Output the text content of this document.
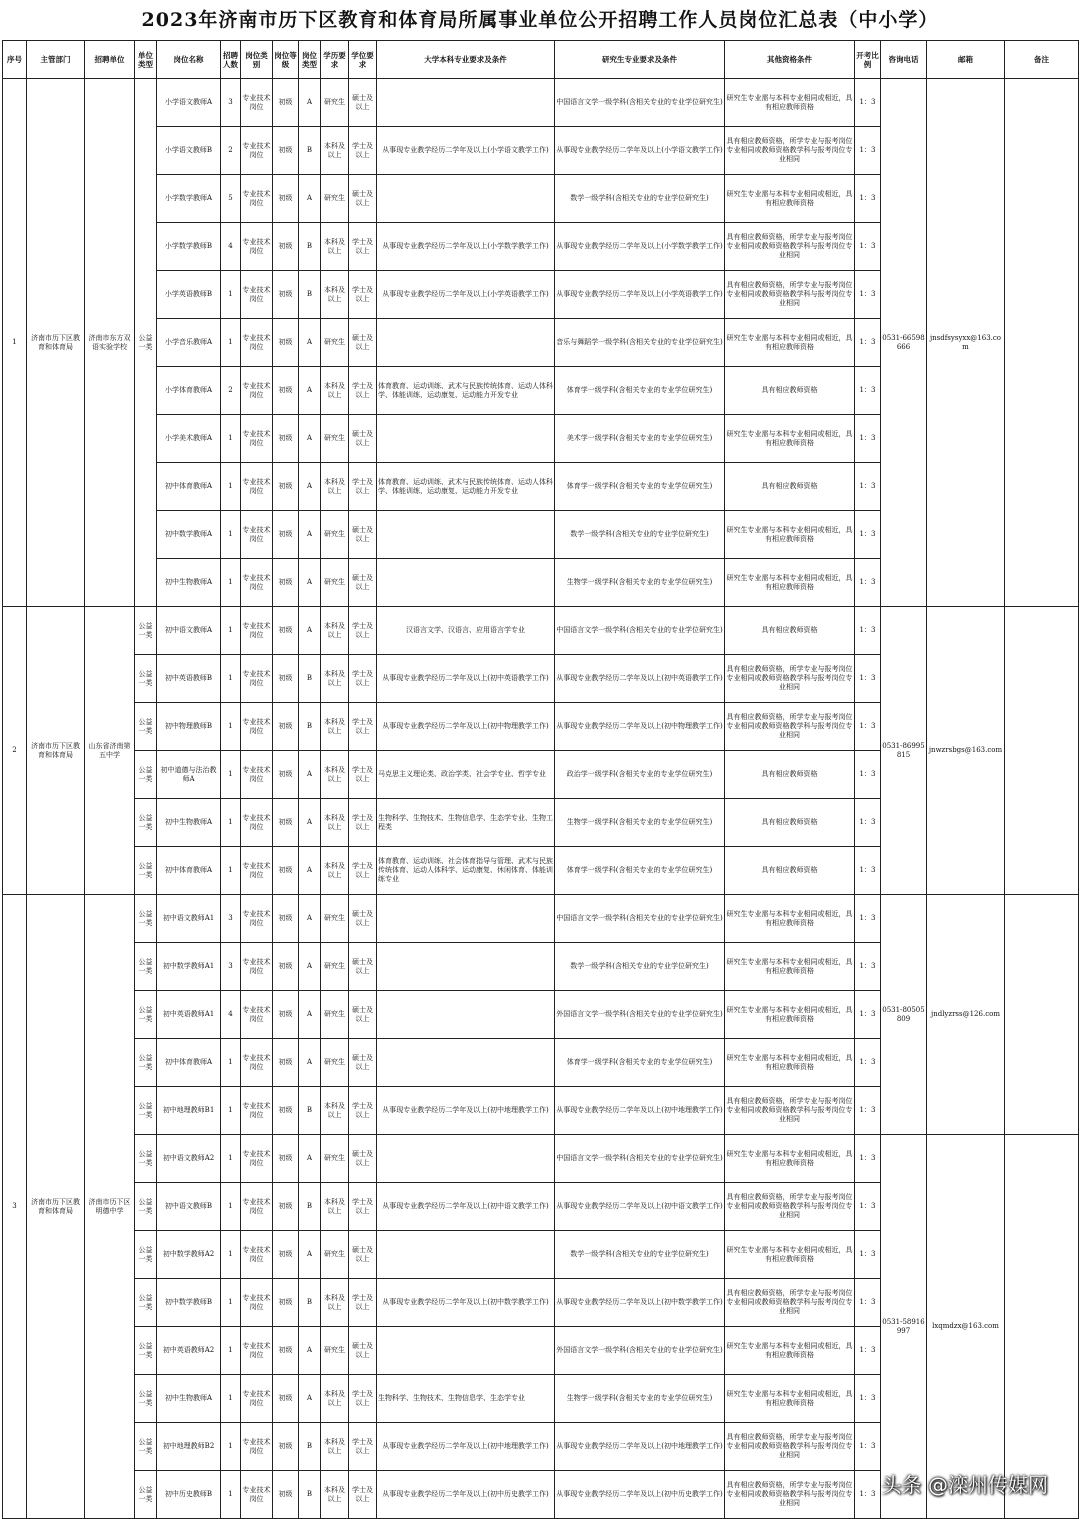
2023年济南市历下区教育和体育局所属事业单位公开招聘工作人员岗位汇总表（中小学）
序号	主管部门	招聘单位	单位类型	岗位名称	招聘人数	岗位类别	岗位等级	岗位类型	学历要求	学位要求	大学本科专业要求及条件	研究生专业要求及条件	其他资格条件	开考比例	咨询电话	邮箱	备注
1	济南市历下区教育和体育局	济南市东方双语实验学校	公益一类	小学语文教师A	3	专业技术岗位	初级	A	研究生	硕士及以上		中国语言文学一级学科(含相关专业的专业学位研究生)	研究生专业需与本科专业相同或相近，具有相应教师资格	1：3	0531-66598666	jnsdfsysyxx@163.com	
				小学语文教师B	2	专业技术岗位	初级	B	本科及以上	学士及以上	从事现专业教学经历二学年及以上(小学语文教学工作)	从事现专业教学经历二学年及以上(小学语文教学工作)	具有相应教师资格，所学专业与报考岗位专业相同或教师资格教学科与报考岗位专业相同	1：3			
				小学数学教师A	5	专业技术岗位	初级	A	研究生	硕士及以上		数学一级学科(含相关专业的专业学位研究生)	研究生专业需与本科专业相同或相近，具有相应教师资格	1：3			
				小学数学教师B	4	专业技术岗位	初级	B	本科及以上	学士及以上	从事现专业教学经历二学年及以上(小学数学教学工作)	从事现专业教学经历二学年及以上(小学数学教学工作)	具有相应教师资格，所学专业与报考岗位专业相同或教师资格教学科与报考岗位专业相同	1：3			
				小学英语教师B	1	专业技术岗位	初级	B	本科及以上	学士及以上	从事现专业教学经历二学年及以上(小学英语教学工作)	从事现专业教学经历二学年及以上(小学英语教学工作)	具有相应教师资格，所学专业与报考岗位专业相同或教师资格教学科与报考岗位专业相同	1：3			
				小学音乐教师A	1	专业技术岗位	初级	A	研究生	硕士及以上		音乐与舞蹈学一级学科(含相关专业的专业学位研究生)	研究生专业需与本科专业相同或相近，具有相应教师资格	1：3			
				小学体育教师A	2	专业技术岗位	初级	A	本科及以上	学士及以上	体育教育、运动训练、武术与民族传统体育、运动人体科学、体能训练、运动康复、运动能力开发专业	体育学一级学科(含相关专业的专业学位研究生)	具有相应教师资格	1：3			
				小学美术教师A	1	专业技术岗位	初级	A	研究生	硕士及以上		美术学一级学科(含相关专业的专业学位研究生)	研究生专业需与本科专业相同或相近，具有相应教师资格	1：3			
				初中体育教师A	1	专业技术岗位	初级	A	本科及以上	学士及以上	体育教育、运动训练、武术与民族传统体育、运动人体科学、体能训练、运动康复、运动能力开发专业	体育学一级学科(含相关专业的专业学位研究生)	具有相应教师资格	1：3			
				初中数学教师A	1	专业技术岗位	初级	A	研究生	硕士及以上		数学一级学科(含相关专业的专业学位研究生)	研究生专业需与本科专业相同或相近，具有相应教师资格	1：3			
				初中生物教师A	1	专业技术岗位	初级	A	研究生	硕士及以上		生物学一级学科(含相关专业的专业学位研究生)	研究生专业需与本科专业相同或相近，具有相应教师资格	1：3			
2	济南市历下区教育和体育局	山东省济南第五中学	公益一类	初中语文教师A	1	专业技术岗位	初级	A	本科及以上	学士及以上	汉语言文学、汉语言、应用语言学专业	中国语言文学一级学科(含相关专业的专业学位研究生)	具有相应教师资格	1：3	0531-86995815	jnwzrsbgs@163.com	
			公益一类	初中英语教师B	1	专业技术岗位	初级	B	本科及以上	学士及以上	从事现专业教学经历二学年及以上(初中英语教学工作)	从事现专业教学经历二学年及以上(初中英语教学工作)	具有相应教师资格，所学专业与报考岗位专业相同或教师资格教学科与报考岗位专业相同	1：3			
			公益一类	初中物理教师B	1	专业技术岗位	初级	B	本科及以上	学士及以上	从事现专业教学经历二学年及以上(初中物理教学工作)	从事现专业教学经历二学年及以上(初中物理教学工作)	具有相应教师资格，所学专业与报考岗位专业相同或教师资格教学科与报考岗位专业相同	1：3			
			公益一类	初中道德与法治教师A	1	专业技术岗位	初级	A	本科及以上	学士及以上	马克思主义理论类、政治学类、社会学专业、哲学专业	政治学一级学科(含相关专业的专业学位研究生)	具有相应教师资格	1：3			
			公益一类	初中生物教师A	1	专业技术岗位	初级	A	本科及以上	学士及以上	生物科学、生物技术、生物信息学、生态学专业、生物工程类	生物学一级学科(含相关专业的专业学位研究生)	具有相应教师资格	1：3			
			公益一类	初中体育教师A	1	专业技术岗位	初级	A	本科及以上	学士及以上	体育教育、运动训练、社会体育指导与管理、武术与民族传统体育、运动人体科学、运动康复、休闲体育、体能训练专业	体育学一级学科(含相关专业的专业学位研究生)	具有相应教师资格	1：3			
3	济南市历下区教育和体育局	济南市历下区明德中学	公益一类	初中语文教师A1	3	专业技术岗位	初级	A	研究生	硕士及以上		中国语言文学一级学科(含相关专业的专业学位研究生)	研究生专业需与本科专业相同或相近，具有相应教师资格	1：3	0531-80505809	jndlyzrss@126.com	
			公益一类	初中数学教师A1	3	专业技术岗位	初级	A	研究生	硕士及以上		数学一级学科(含相关专业的专业学位研究生)	研究生专业需与本科专业相同或相近，具有相应教师资格	1：3			
			公益一类	初中英语教师A1	4	专业技术岗位	初级	A	研究生	硕士及以上		外国语言文学一级学科(含相关专业的专业学位研究生)	研究生专业需与本科专业相同或相近，具有相应教师资格	1：3			
			公益一类	初中体育教师A	1	专业技术岗位	初级	A	研究生	硕士及以上		体育学一级学科(含相关专业的专业学位研究生)	研究生专业需与本科专业相同或相近，具有相应教师资格	1：3			
			公益一类	初中地理教师B1	1	专业技术岗位	初级	B	本科及以上	学士及以上	从事现专业教学经历二学年及以上(初中地理教学工作)	从事现专业教学经历二学年及以上(初中地理教学工作)	具有相应教师资格，所学专业与报考岗位专业相同或教师资格教学科与报考岗位专业相同	1：3			
			公益一类	初中语文教师A2	1	专业技术岗位	初级	A	研究生	硕士及以上		中国语言文学一级学科(含相关专业的专业学位研究生)	研究生专业需与本科专业相同或相近，具有相应教师资格	1：3	0531-58916997	lxqmdzx@163.com	
			公益一类	初中语文教师B	1	专业技术岗位	初级	B	本科及以上	学士及以上	从事现专业教学经历二学年及以上(初中语文教学工作)	从事现专业教学经历二学年及以上(初中语文教学工作)	具有相应教师资格，所学专业与报考岗位专业相同或教师资格教学科与报考岗位专业相同	1：3			
			公益一类	初中数学教师A2	1	专业技术岗位	初级	A	研究生	硕士及以上		数学一级学科(含相关专业的专业学位研究生)	研究生专业需与本科专业相同或相近，具有相应教师资格	1：3			
			公益一类	初中数学教师B	1	专业技术岗位	初级	B	本科及以上	学士及以上	从事现专业教学经历二学年及以上(初中数学教学工作)	从事现专业教学经历二学年及以上(初中数学教学工作)	具有相应教师资格，所学专业与报考岗位专业相同或教师资格教学科与报考岗位专业相同	1：3			
			公益一类	初中英语教师A2	1	专业技术岗位	初级	A	研究生	硕士及以上		外国语言文学一级学科(含相关专业的专业学位研究生)	研究生专业需与本科专业相同或相近，具有相应教师资格	1：3			
			公益一类	初中生物教师A	1	专业技术岗位	初级	A	本科及以上	学士及以上	生物科学、生物技术、生物信息学、生态学专业	生物学一级学科(含相关专业的专业学位研究生)	研究生专业需与本科专业相同或相近，具有相应教师资格	1：3			
			公益一类	初中地理教师B2	1	专业技术岗位	初级	B	本科及以上	学士及以上	从事现专业教学经历二学年及以上(初中地理教学工作)	从事现专业教学经历二学年及以上(初中地理教学工作)	具有相应教师资格，所学专业与报考岗位专业相同或教师资格教学科与报考岗位专业相同	1：3			
			公益一类	初中历史教师B	1	专业技术岗位	初级	B	本科及以上	学士及以上	从事现专业教学经历二学年及以上(初中历史教学工作)	从事现专业教学经历二学年及以上(初中历史教学工作)	具有相应教师资格，所学专业与报考岗位专业相同或教师资格教学科与报考岗位专业相同	1：3			头条 @滦州传媒网
